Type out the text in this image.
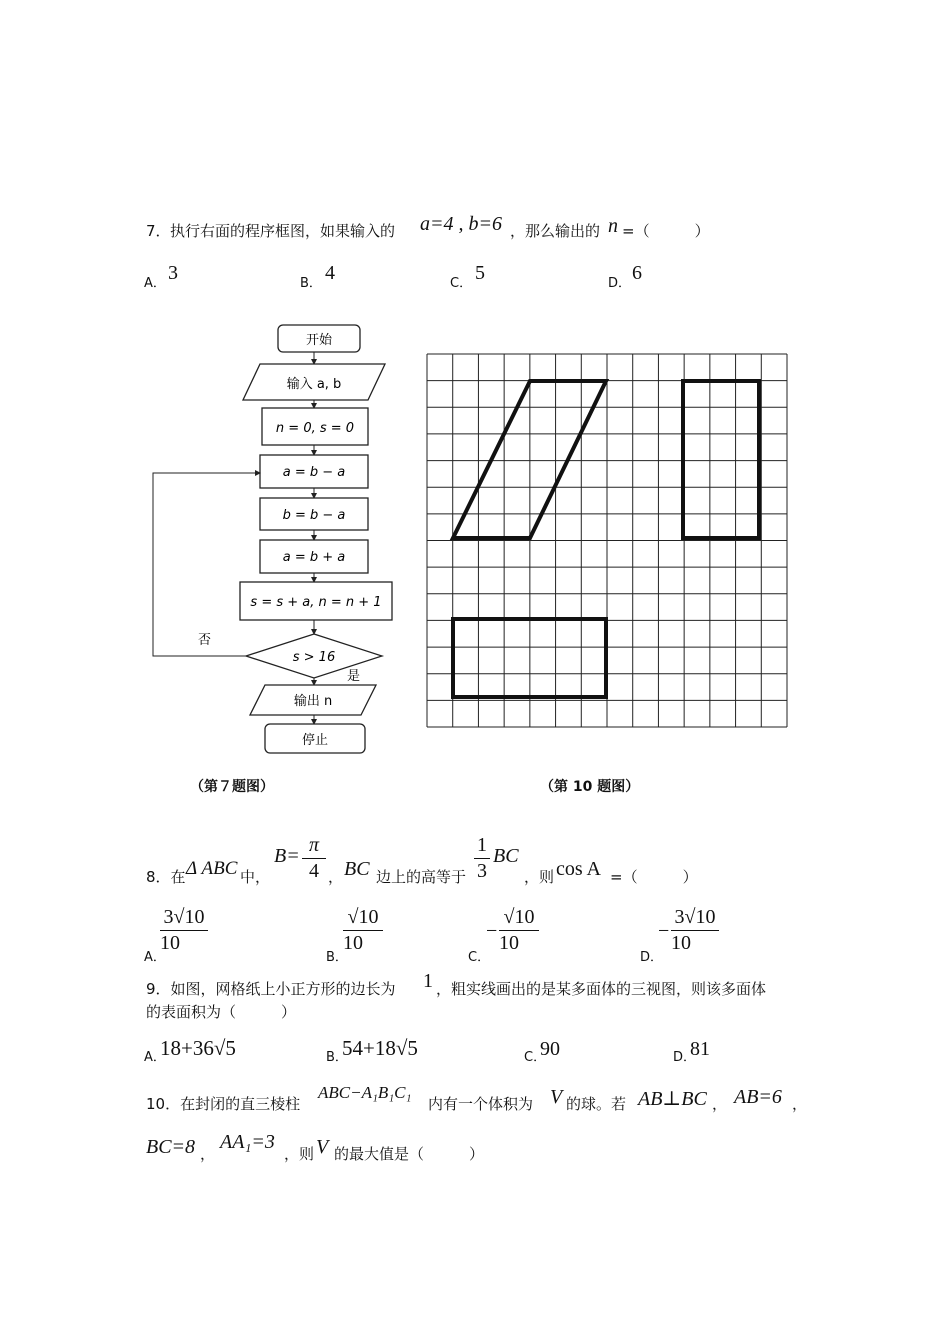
7． 执行右面的程序框图，如果输入的 a=4 , b=6 ，那么输出的 n =（　　　）
A． 3	B． 4	C． 5	D． 6
开始
输入 a, b
n = 0, s = 0
a = b − a
b = b − a
a = b + a
s = s + a, n = n + 1
s > 16
否
是
输出 n
停止
（第７题图）	（第 10 题图）
8．在 Δ ABC 中，
B= π
4 ， BC 边上的高等于
1
3
BC
，则 cos A =（　　　）
A．
3√10
10
B．
√10
10
C．
−
√10
10
D．
−
3√10
10
9．如图，网格纸上小正方形的边长为 1 ，粗实线画出的是某多面体的三视图，则该多面体
的表面积为（　　　）
A．
18+36√5	B．
54+18√5	C．
90	D．
81
10．在封闭的直三棱柱
ABC−A₁B₁C₁
内有一个体积为 V 的球。若 AB⊥BC ， AB=6 ，
BC=8 ，
AA₁=3
，则 V 的最大值是（　　　）
